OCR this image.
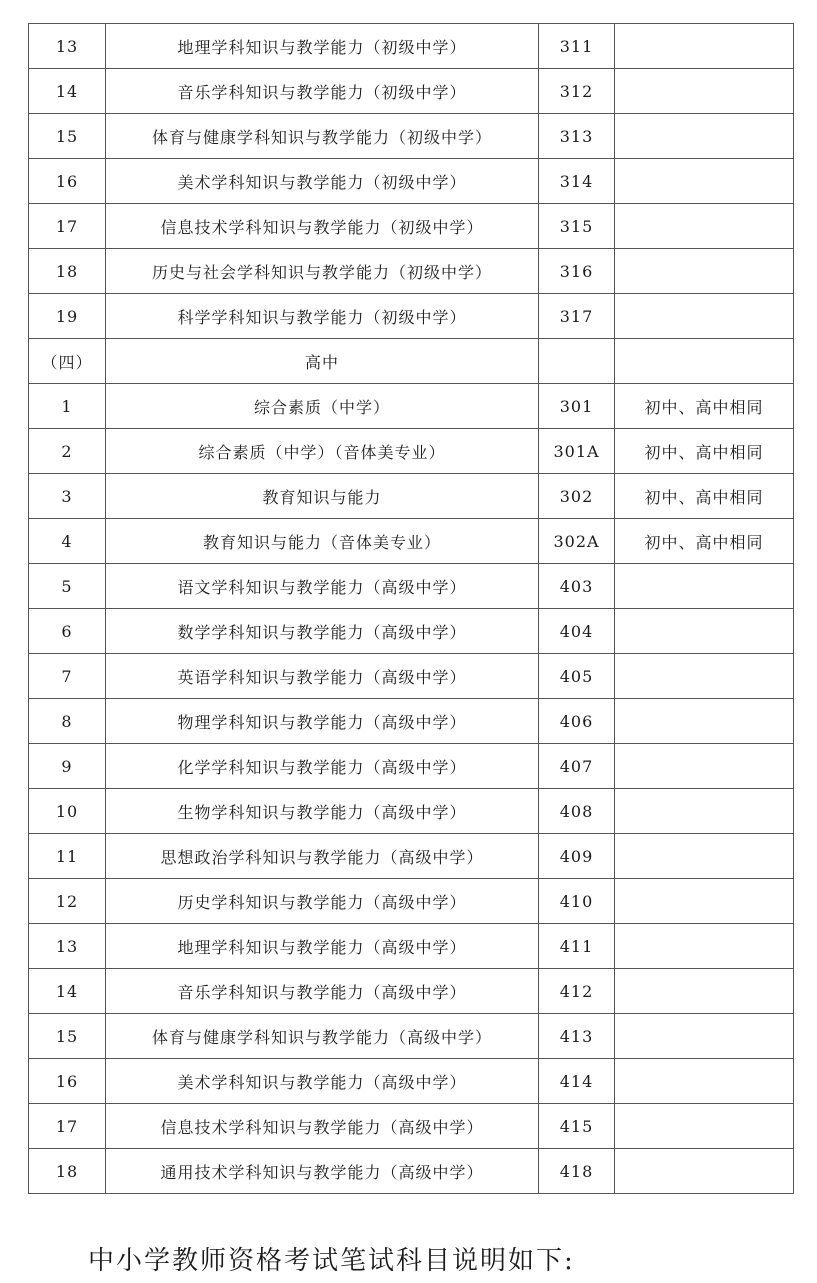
13	地理学科知识与教学能力（初级中学）	311	
14	音乐学科知识与教学能力（初级中学）	312	
15	体育与健康学科知识与教学能力（初级中学）	313	
16	美术学科知识与教学能力（初级中学）	314	
17	信息技术学科知识与教学能力（初级中学）	315	
18	历史与社会学科知识与教学能力（初级中学）	316	
19	科学学科知识与教学能力（初级中学）	317	
（四）	高中		
1	综合素质（中学）	301	初中、高中相同
2	综合素质（中学）（音体美专业）	301A	初中、高中相同
3	教育知识与能力	302	初中、高中相同
4	教育知识与能力（音体美专业）	302A	初中、高中相同
5	语文学科知识与教学能力（高级中学）	403	
6	数学学科知识与教学能力（高级中学）	404	
7	英语学科知识与教学能力（高级中学）	405	
8	物理学科知识与教学能力（高级中学）	406	
9	化学学科知识与教学能力（高级中学）	407	
10	生物学科知识与教学能力（高级中学）	408	
11	思想政治学科知识与教学能力（高级中学）	409	
12	历史学科知识与教学能力（高级中学）	410	
13	地理学科知识与教学能力（高级中学）	411	
14	音乐学科知识与教学能力（高级中学）	412	
15	体育与健康学科知识与教学能力（高级中学）	413	
16	美术学科知识与教学能力（高级中学）	414	
17	信息技术学科知识与教学能力（高级中学）	415	
18	通用技术学科知识与教学能力（高级中学）	418	
中小学教师资格考试笔试科目说明如下:
